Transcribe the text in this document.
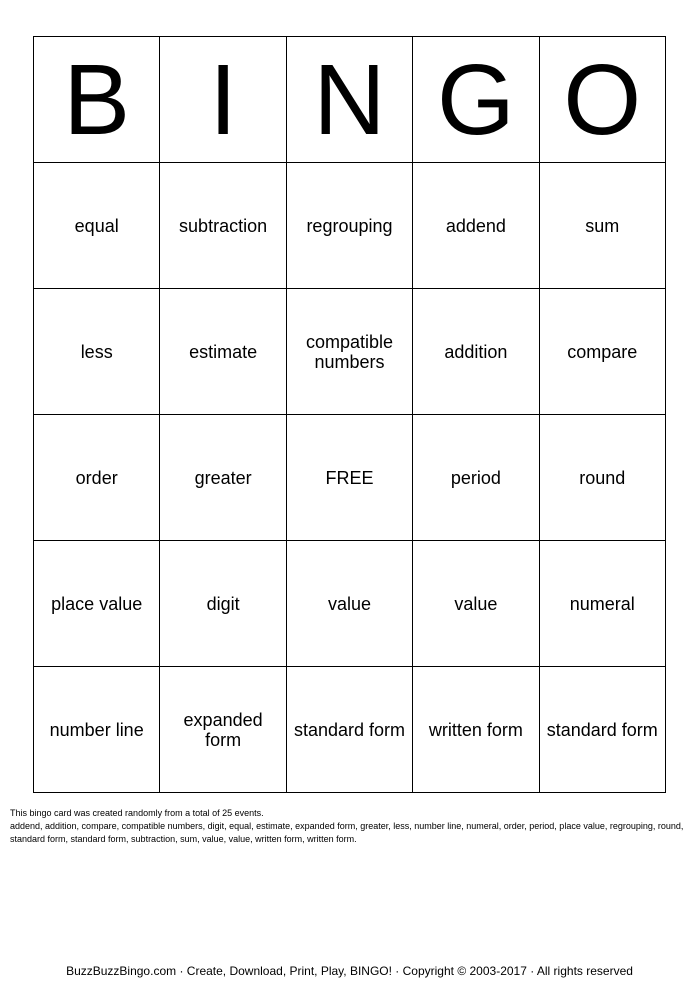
B	I	N	G	O
equal	subtraction	regrouping	addend	sum
less	estimate	compatible numbers	addition	compare
order	greater	FREE	period	round
place value	digit	value	value	numeral
number line	expanded form	standard form	written form	standard form

This bingo card was created randomly from a total of 25 events.

addend, addition, compare, compatible numbers, digit, equal, estimate, expanded form, greater, less, number line, numeral, order, period, place value, regrouping, round, standard form, standard form, subtraction, sum, value, value, written form, written form.

BuzzBuzzBingo.com · Create, Download, Print, Play, BINGO! · Copyright © 2003-2017 · All rights reserved
